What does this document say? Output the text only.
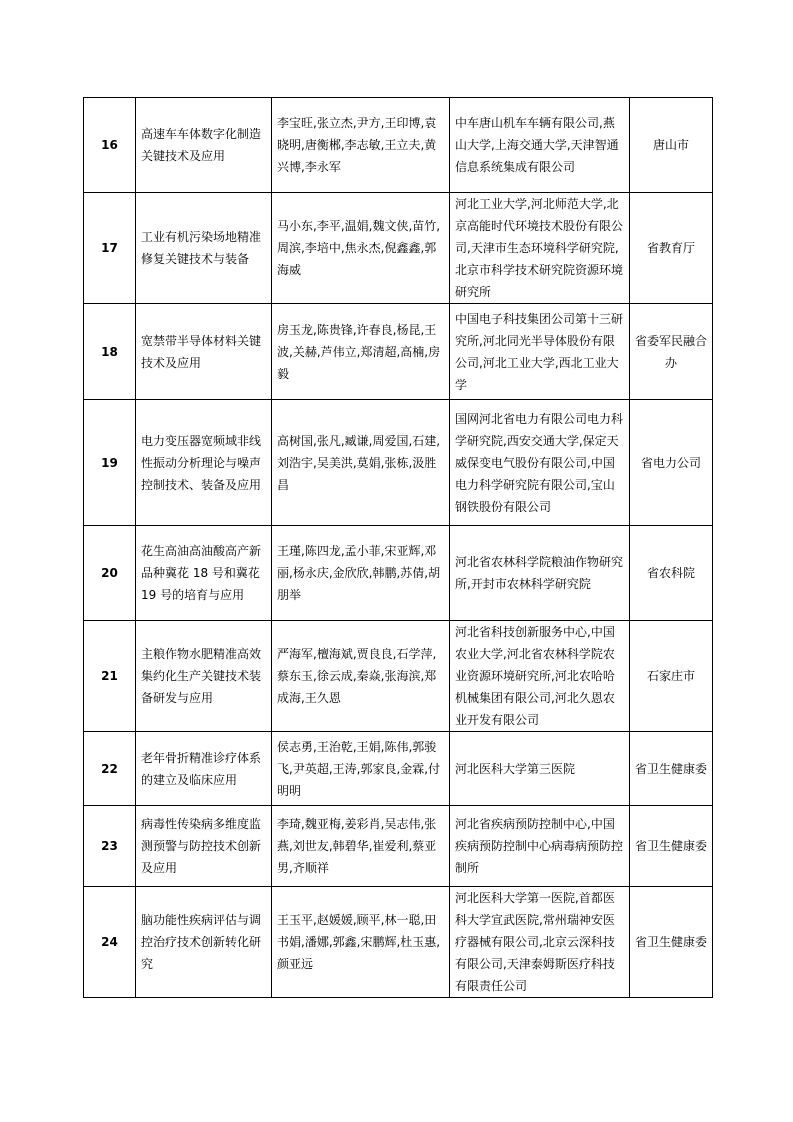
16	高速车车体数字化制造关键技术及应用	李宝旺,张立杰,尹方,王印博,袁晓明,唐衡郴,李志敏,王立夫,黄兴博,李永军	中车唐山机车车辆有限公司,燕山大学,上海交通大学,天津智通信息系统集成有限公司	唐山市
17	工业有机污染场地精准修复关键技术与装备	马小东,李平,温娟,魏文侠,苗竹,周滨,李培中,焦永杰,倪鑫鑫,郭海威	河北工业大学,河北师范大学,北京高能时代环境技术股份有限公司,天津市生态环境科学研究院,北京市科学技术研究院资源环境研究所	省教育厅
18	宽禁带半导体材料关键技术及应用	房玉龙,陈贵锋,许春良,杨昆,王波,关赫,芦伟立,郑清超,高楠,房毅	中国电子科技集团公司第十三研究所,河北同光半导体股份有限公司,河北工业大学,西北工业大学	省委军民融合办
19	电力变压器宽频域非线性振动分析理论与噪声控制技术、装备及应用	高树国,张凡,臧谦,周爱国,石建,刘浩宇,吴美洪,莫娟,张栋,汲胜昌	国网河北省电力有限公司电力科学研究院,西安交通大学,保定天威保变电气股份有限公司,中国电力科学研究院有限公司,宝山钢铁股份有限公司	省电力公司
20	花生高油高油酸高产新品种冀花 18 号和冀花 19 号的培育与应用	王瑾,陈四龙,孟小菲,宋亚辉,邓丽,杨永庆,金欣欣,韩鹏,苏倩,胡朋举	河北省农林科学院粮油作物研究所,开封市农林科学研究院	省农科院
21	主粮作物水肥精准高效集约化生产关键技术装备研发与应用	严海军,檀海斌,贾良良,石学萍,蔡东玉,徐云成,秦焱,张海滨,郑成海,王久恩	河北省科技创新服务中心,中国农业大学,河北省农林科学院农业资源环境研究所,河北农哈哈机械集团有限公司,河北久恩农业开发有限公司	石家庄市
22	老年骨折精准诊疗体系的建立及临床应用	侯志勇,王治乾,王娟,陈伟,郭骏飞,尹英超,王涛,郭家良,金霖,付明明	河北医科大学第三医院	省卫生健康委
23	病毒性传染病多维度监测预警与防控技术创新及应用	李琦,魏亚梅,姜彩肖,吴志伟,张燕,刘世友,韩碧华,崔爱利,蔡亚男,齐顺祥	河北省疾病预防控制中心,中国疾病预防控制中心病毒病预防控制所	省卫生健康委
24	脑功能性疾病评估与调控治疗技术创新转化研究	王玉平,赵媛媛,顾平,林一聪,田书娟,潘娜,郭鑫,宋鹏辉,杜玉惠,颜亚远	河北医科大学第一医院,首都医科大学宣武医院,常州瑞神安医疗器械有限公司,北京云深科技有限公司,天津泰姆斯医疗科技有限责任公司	省卫生健康委
